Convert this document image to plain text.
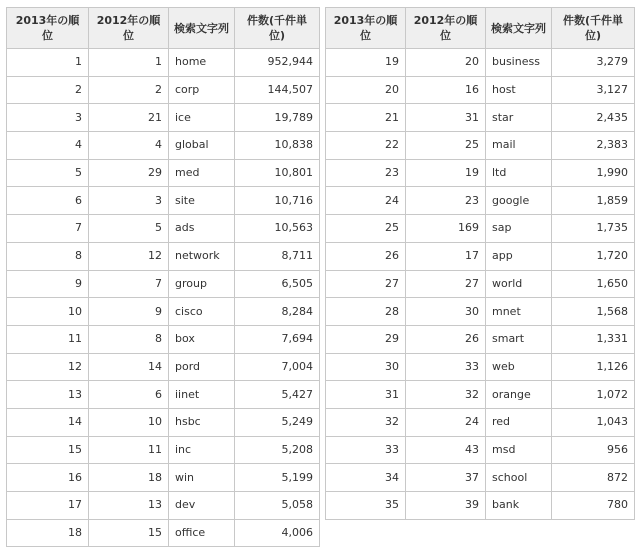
2013年の順位	2012年の順位	検索文字列	件数(千件単位)
1	1	home	952,944
2	2	corp	144,507
3	21	ice	19,789
4	4	global	10,838
5	29	med	10,801
6	3	site	10,716
7	5	ads	10,563
8	12	network	8,711
9	7	group	6,505
10	9	cisco	8,284
11	8	box	7,694
12	14	pord	7,004
13	6	iinet	5,427
14	10	hsbc	5,249
15	11	inc	5,208
16	18	win	5,199
17	13	dev	5,058
18	15	office	4,006
2013年の順位	2012年の順位	検索文字列	件数(千件単位)
19	20	business	3,279
20	16	host	3,127
21	31	star	2,435
22	25	mail	2,383
23	19	ltd	1,990
24	23	google	1,859
25	169	sap	1,735
26	17	app	1,720
27	27	world	1,650
28	30	mnet	1,568
29	26	smart	1,331
30	33	web	1,126
31	32	orange	1,072
32	24	red	1,043
33	43	msd	956
34	37	school	872
35	39	bank	780
